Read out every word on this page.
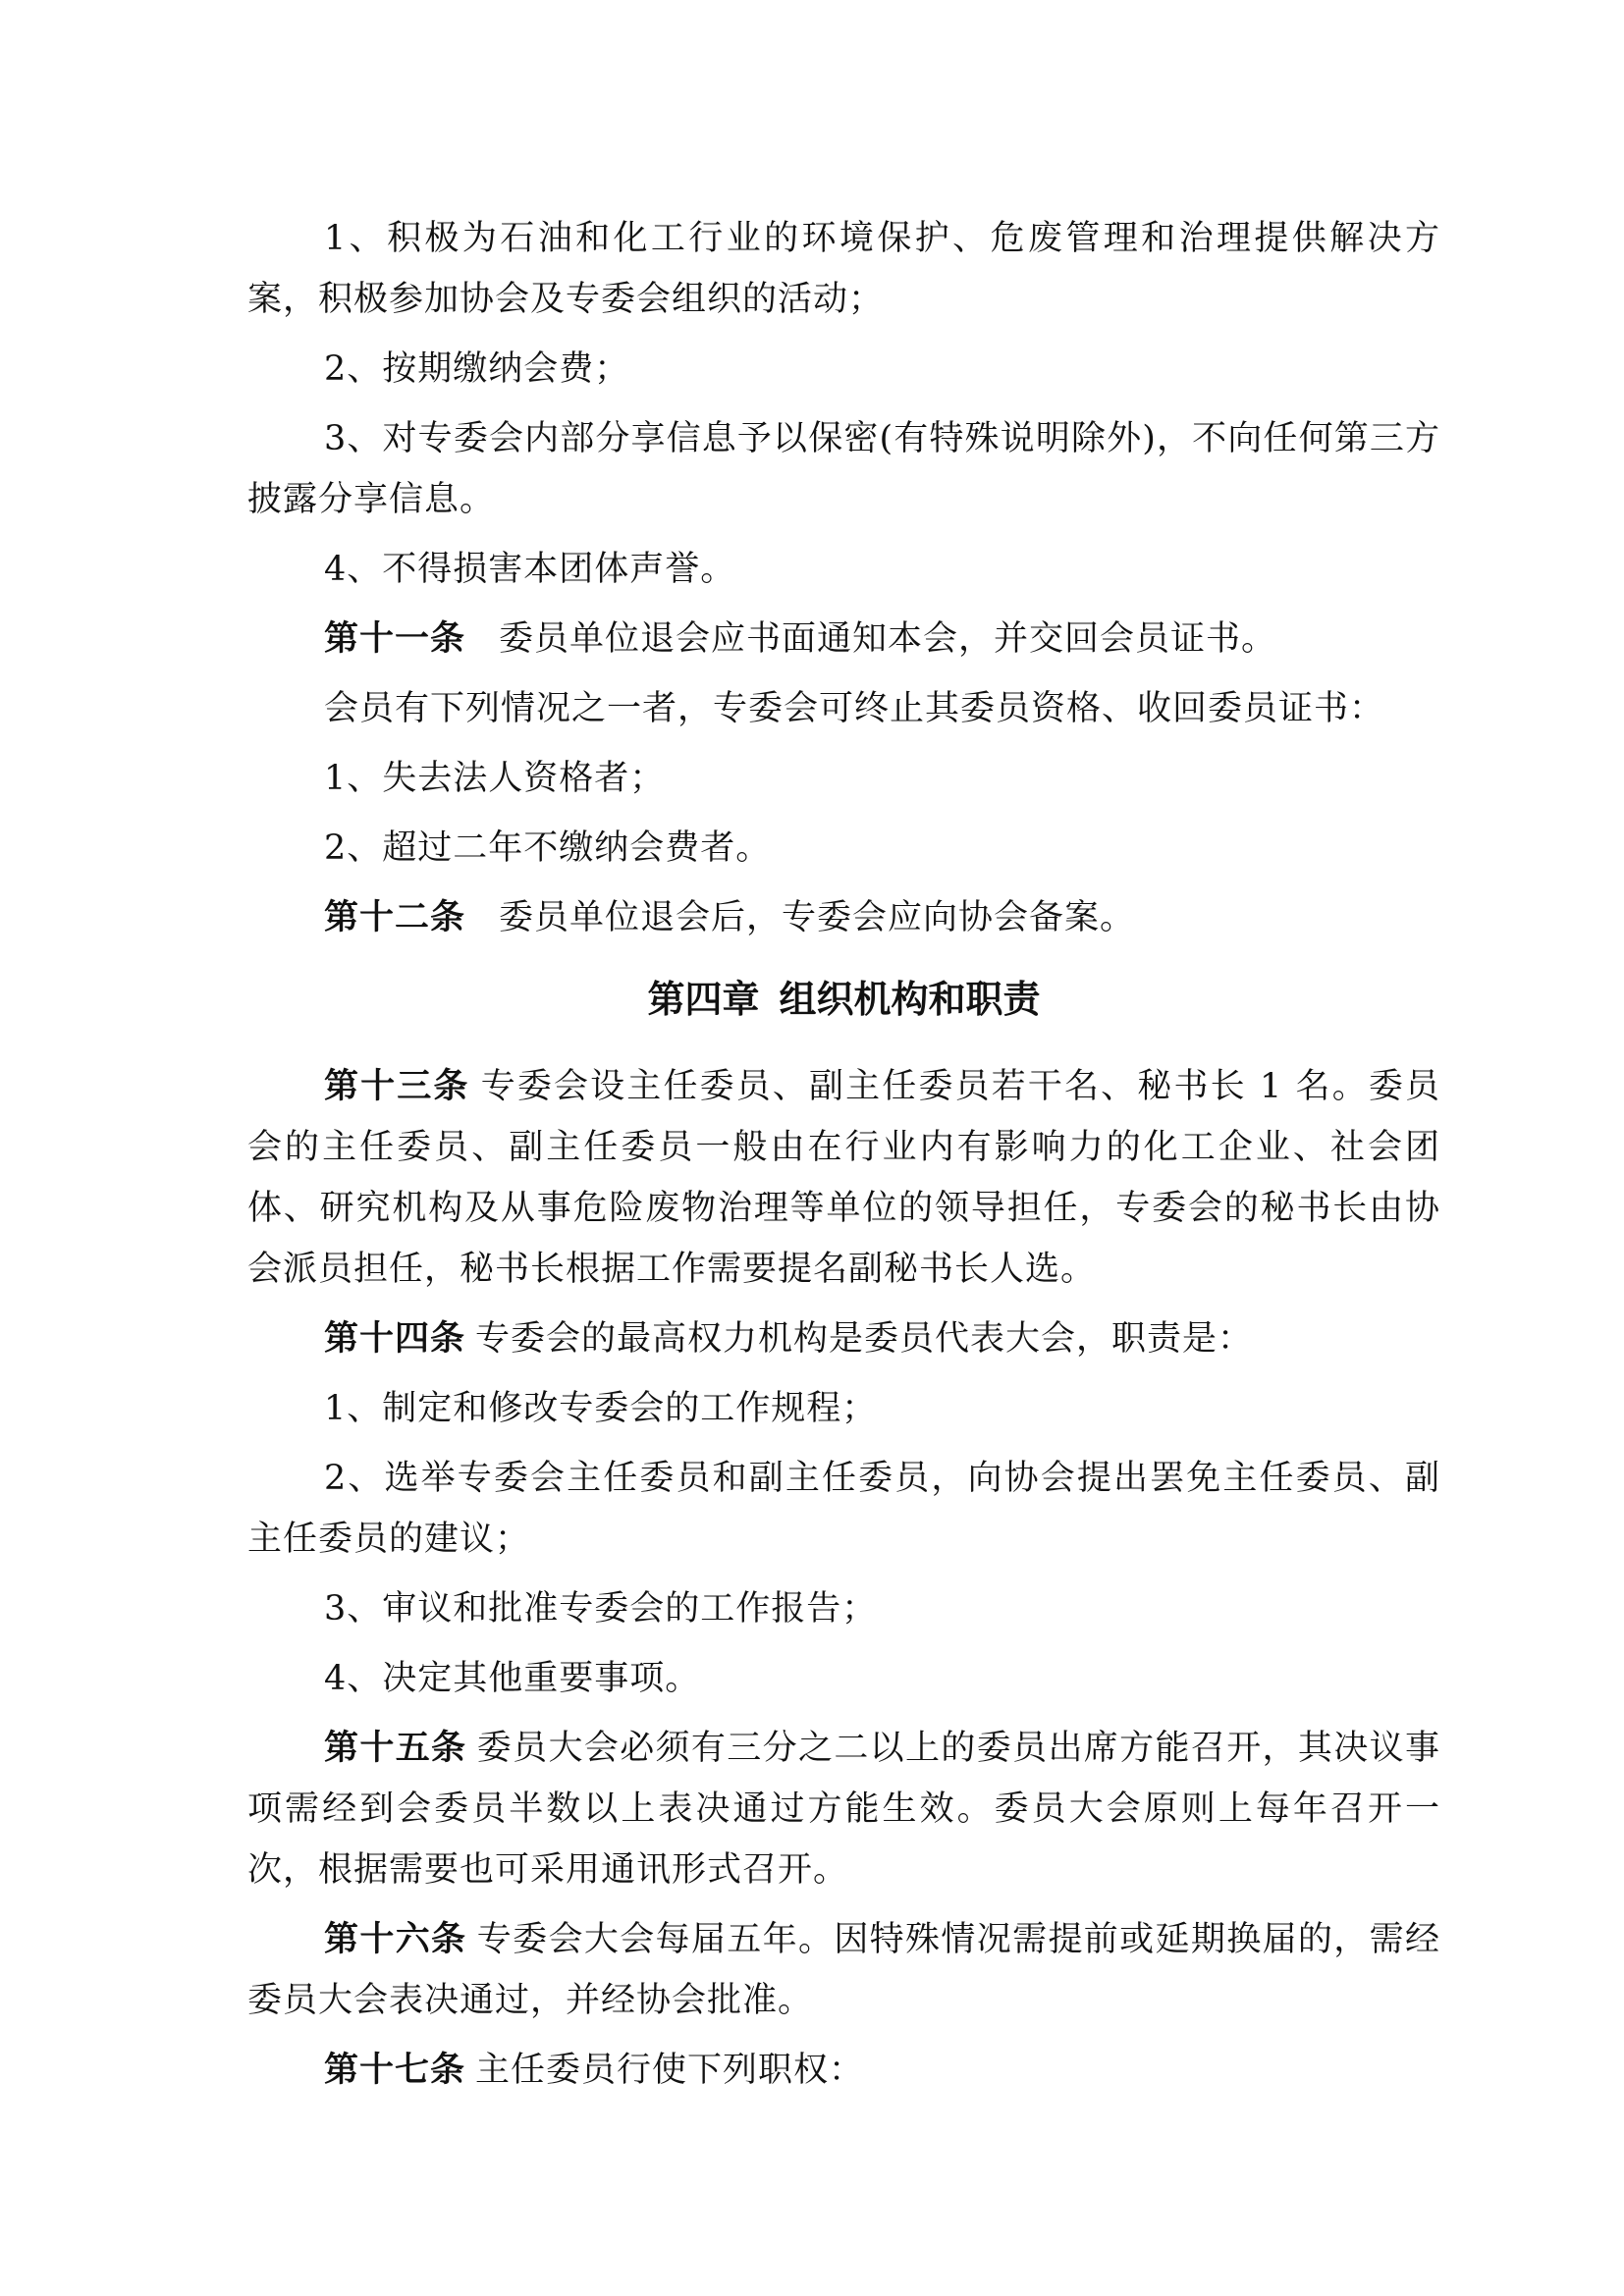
1、积极为石油和化工行业的环境保护、危废管理和治理提供解决方案，积极参加协会及专委会组织的活动；

2、按期缴纳会费；

3、对专委会内部分享信息予以保密(有特殊说明除外)，不向任何第三方披露分享信息。

4、不得损害本团体声誉。

第十一条 委员单位退会应书面通知本会，并交回会员证书。

会员有下列情况之一者，专委会可终止其委员资格、收回委员证书：

1、失去法人资格者；

2、超过二年不缴纳会费者。

第十二条 委员单位退会后，专委会应向协会备案。

第四章 组织机构和职责

第十三条 专委会设主任委员、副主任委员若干名、秘书长 1 名。委员会的主任委员、副主任委员一般由在行业内有影响力的化工企业、社会团体、研究机构及从事危险废物治理等单位的领导担任，专委会的秘书长由协会派员担任，秘书长根据工作需要提名副秘书长人选。

第十四条 专委会的最高权力机构是委员代表大会，职责是：

1、制定和修改专委会的工作规程；

2、选举专委会主任委员和副主任委员，向协会提出罢免主任委员、副主任委员的建议；

3、审议和批准专委会的工作报告；

4、决定其他重要事项。

第十五条 委员大会必须有三分之二以上的委员出席方能召开，其决议事项需经到会委员半数以上表决通过方能生效。委员大会原则上每年召开一次，根据需要也可采用通讯形式召开。

第十六条 专委会大会每届五年。因特殊情况需提前或延期换届的，需经委员大会表决通过，并经协会批准。

第十七条 主任委员行使下列职权：
